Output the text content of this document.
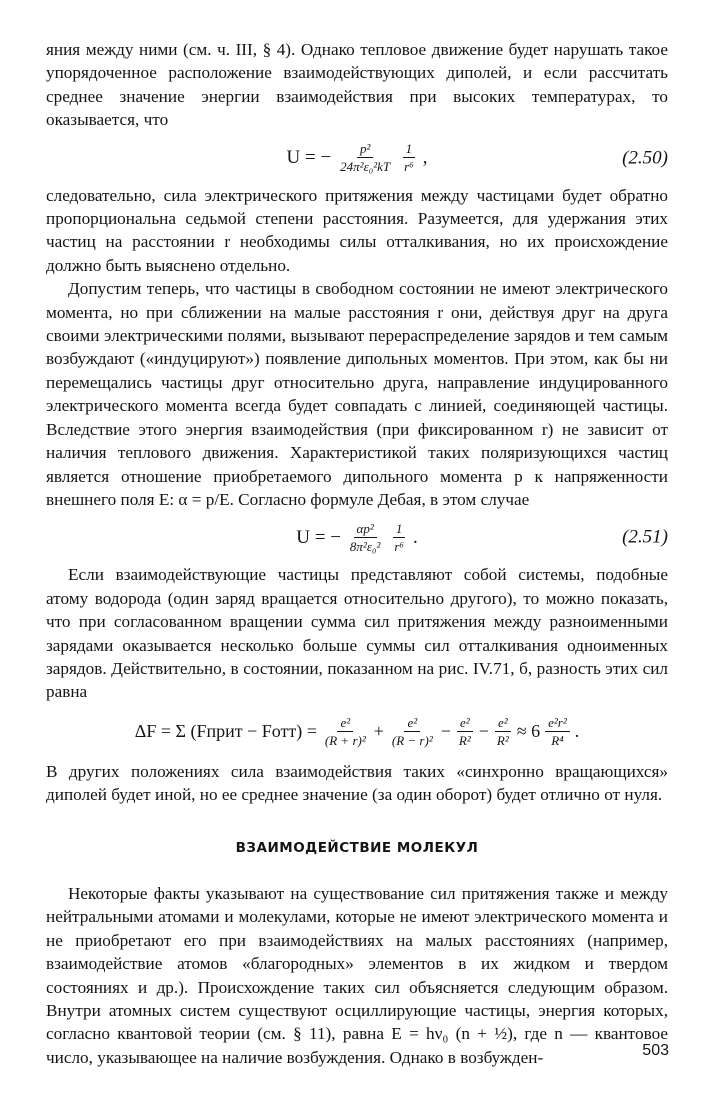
яния между ними (см. ч. III, § 4). Однако тепловое движение будет нарушать такое упорядоченное расположение взаимодействующих диполей, и если рассчитать среднее значение энергии взаимодействия при высоких температурах, то оказывается, что

U = − $\frac{\text{p²}}{\text{24π²ε₀²kT}} \frac{1}{\text{r⁶}}$ ,	(2.50)

следовательно, сила электрического притяжения между частицами будет обратно пропорциональна седьмой степени расстояния. Разумеется, для удержания этих частиц на расстоянии r необходимы силы отталкивания, но их происхождение должно быть выяснено отдельно.

Допустим теперь, что частицы в свободном состоянии не имеют электрического момента, но при сближении на малые расстояния r они, действуя друг на друга своими электрическими полями, вызывают перераспределение зарядов и тем самым возбуждают («индуцируют») появление дипольных моментов. При этом, как бы ни перемещались частицы друг относительно друга, направление индуцированного электрического момента всегда будет совпадать с линией, соединяющей частицы. Вследствие этого энергия взаимодействия (при фиксированном r) не зависит от наличия теплового движения. Характеристикой таких поляризующихся частиц является отношение приобретаемого дипольного момента p к напряженности внешнего поля E: α = p/E. Согласно формуле Дебая, в этом случае

U = − $\frac{\text{αp²}}{\text{8π²ε₀²}} \frac{1}{\text{r⁶}}$ .	(2.51)

Если взаимодействующие частицы представляют собой системы, подобные атому водорода (один заряд вращается относительно другого), то можно показать, что при согласованном вращении сумма сил притяжения между разноименными зарядами оказывается несколько больше суммы сил отталкивания одноименных зарядов. Действительно, в состоянии, показанном на рис. IV.71, б, разность этих сил равна

ΔF = Σ (Fприт − Fотт) = $\frac{\text{e²}}{\text{(R + r)²}} + \frac{\text{e²}}{\text{(R − r)²}} - \frac{\text{e²}}{\text{R²}} - \frac{\text{e²}}{\text{R²}} \approx 6 \frac{\text{e²r²}}{\text{R⁴}}$ .

В других положениях сила взаимодействия таких «синхронно вращающихся» диполей будет иной, но ее среднее значение (за один оборот) будет отлично от нуля.

ВЗАИМОДЕЙСТВИЕ МОЛЕКУЛ

Некоторые факты указывают на существование сил притяжения также и между нейтральными атомами и молекулами, которые не имеют электрического момента и не приобретают его при взаимодействиях на малых расстояниях (например, взаимодействие атомов «благородных» элементов в их жидком и твердом состояниях и др.). Происхождение таких сил объясняется следующим образом. Внутри атомных систем существуют осциллирующие частицы, энергия которых, согласно квантовой теории (см. § 11), равна E = hν₀ (n + ½), где n — квантовое число, указывающее на наличие возбуждения. Однако в возбужден-	503
